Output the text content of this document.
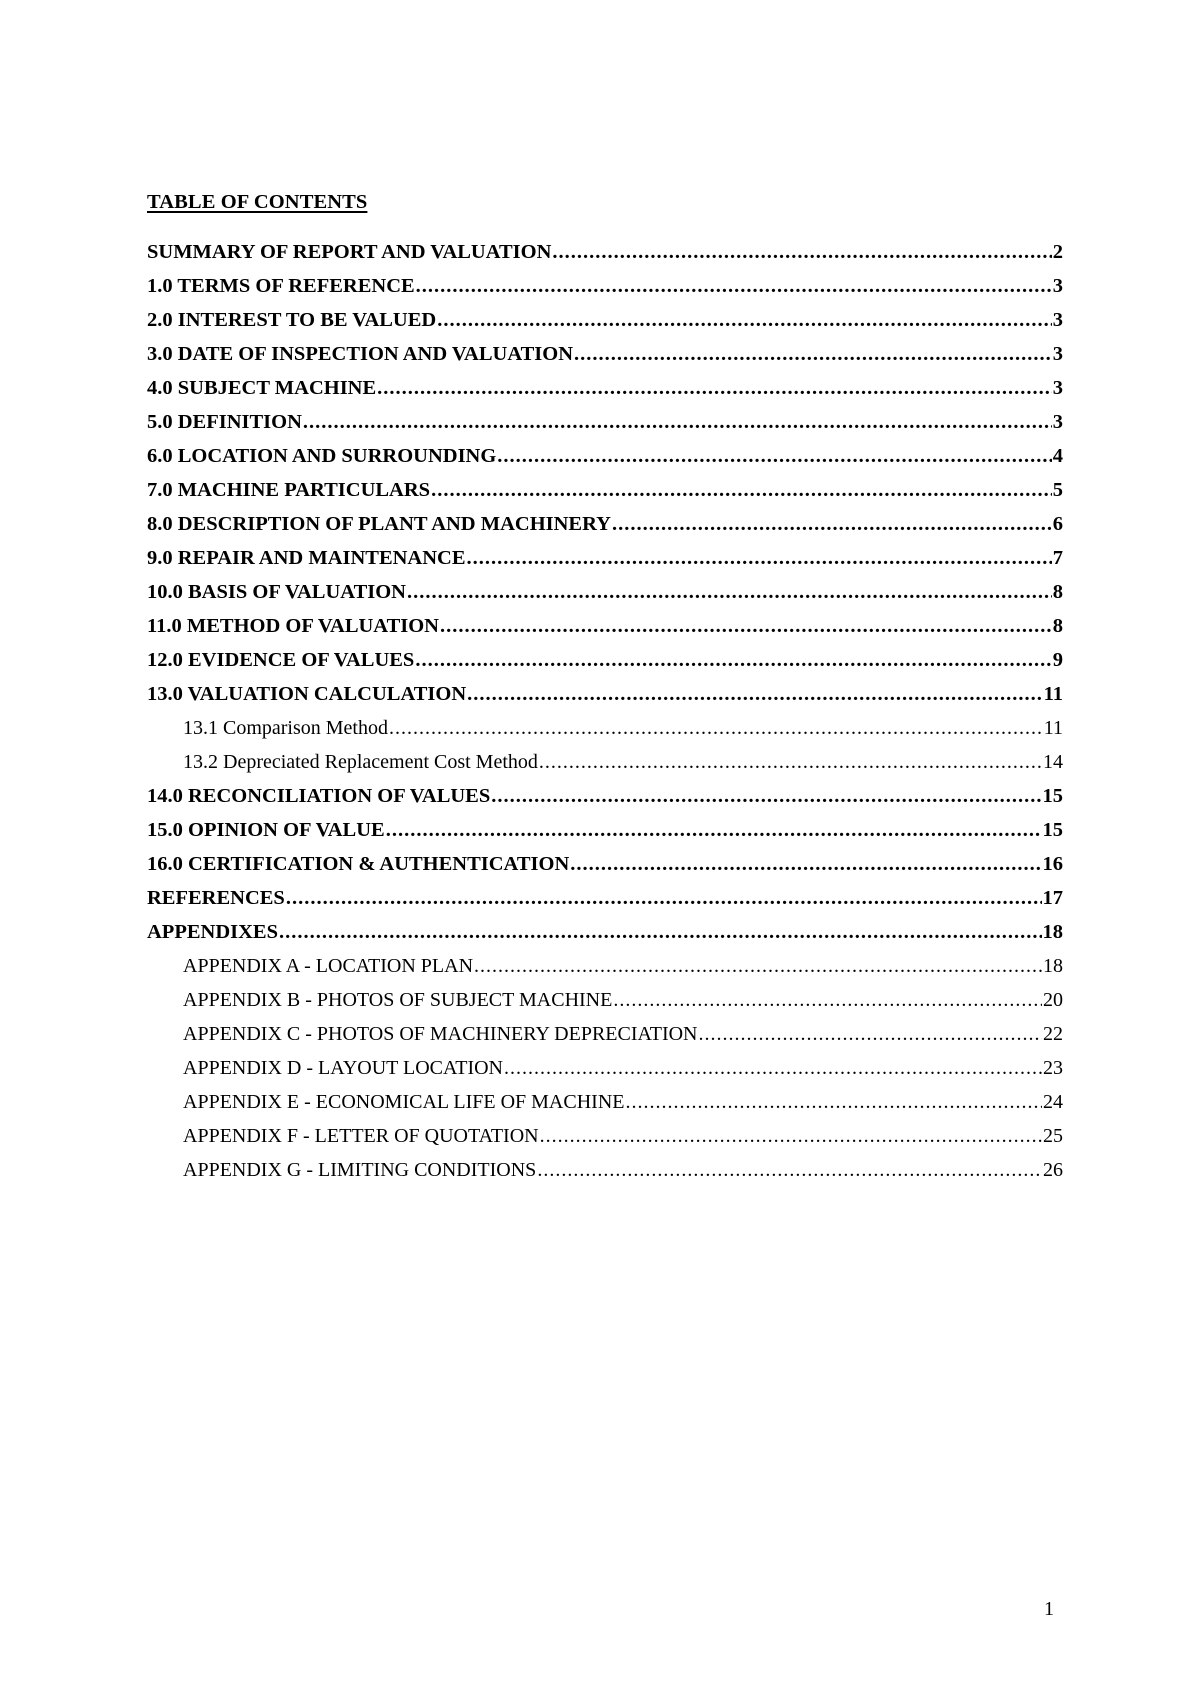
TABLE OF CONTENTS
SUMMARY OF REPORT AND VALUATION .....	2
1.0 TERMS OF REFERENCE .....	3
2.0 INTEREST TO BE VALUED .....	3
3.0 DATE OF INSPECTION AND VALUATION .....	3
4.0 SUBJECT MACHINE .....	3
5.0 DEFINITION .....	3
6.0 LOCATION AND SURROUNDING .....	4
7.0 MACHINE PARTICULARS .....	5
8.0 DESCRIPTION OF PLANT AND MACHINERY .....	6
9.0 REPAIR AND MAINTENANCE .....	7
10.0 BASIS OF VALUATION .....	8
11.0 METHOD OF VALUATION .....	8
12.0 EVIDENCE OF VALUES .....	9
13.0 VALUATION CALCULATION .....	11
13.1 Comparison Method .....	11
13.2 Depreciated Replacement Cost Method .....	14
14.0 RECONCILIATION OF VALUES .....	15
15.0 OPINION OF VALUE .....	15
16.0 CERTIFICATION & AUTHENTICATION .....	16
REFERENCES .....	17
APPENDIXES .....	18
APPENDIX A - LOCATION PLAN .....	18
APPENDIX B - PHOTOS OF SUBJECT MACHINE .....	20
APPENDIX C - PHOTOS OF MACHINERY DEPRECIATION .....	22
APPENDIX D - LAYOUT LOCATION .....	23
APPENDIX E - ECONOMICAL LIFE OF MACHINE .....	24
APPENDIX F - LETTER OF QUOTATION .....	25
APPENDIX G - LIMITING CONDITIONS .....	26
1
